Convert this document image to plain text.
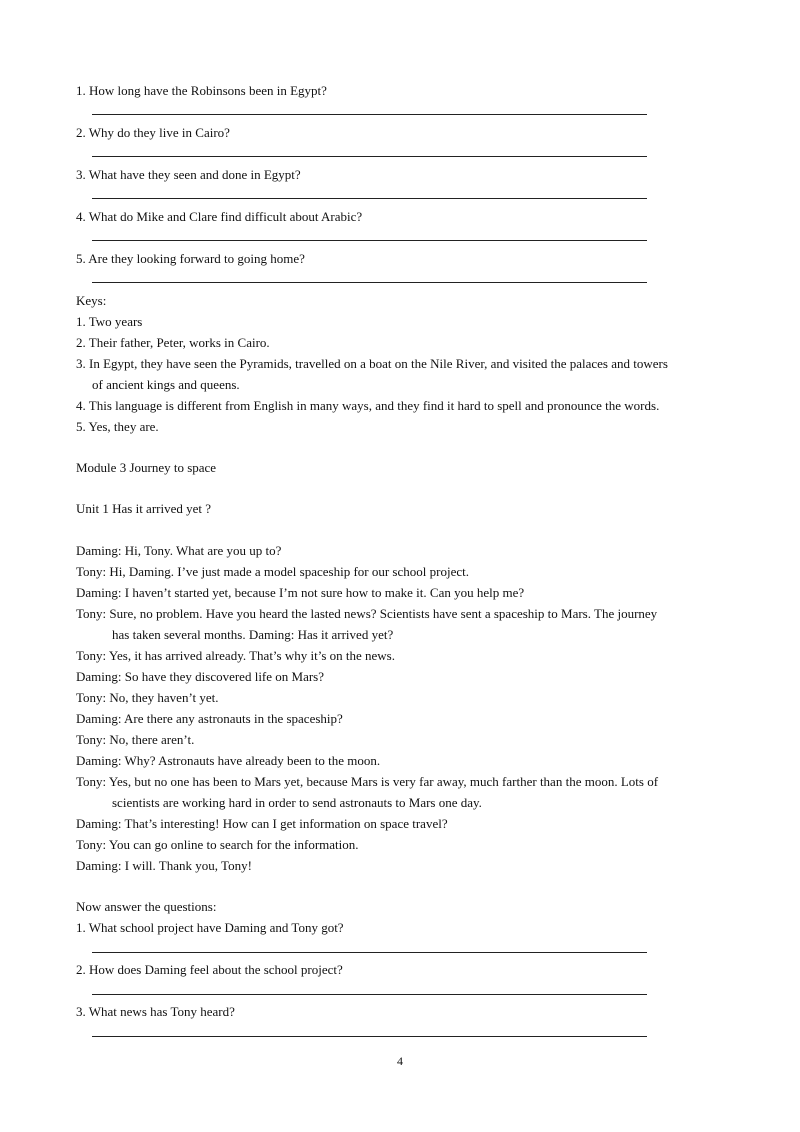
1. How long have the Robinsons been in Egypt?
2. Why do they live in Cairo?
3. What have they seen and done in Egypt?
4. What do Mike and Clare find difficult about Arabic?
5. Are they looking forward to going home?
Keys:
1. Two years
2. Their father, Peter, works in Cairo.
3. In Egypt, they have seen the Pyramids, travelled on a boat on the Nile River, and visited the palaces and towers
of ancient kings and queens.
4. This language is different from English in many ways, and they find it hard to spell and pronounce the words.
5. Yes, they are.
Module 3 Journey to space
Unit 1 Has it arrived yet ?
Daming: Hi, Tony. What are you up to?
Tony: Hi, Daming. I’ve just made a model spaceship for our school project.
Daming: I haven’t started yet, because I’m not sure how to make it. Can you help me?
Tony: Sure, no problem. Have you heard the lasted news? Scientists have sent a spaceship to Mars. The journey
has taken several months. Daming: Has it arrived yet?
Tony: Yes, it has arrived already. That’s why it’s on the news.
Daming: So have they discovered life on Mars?
Tony: No, they haven’t yet.
Daming: Are there any astronauts in the spaceship?
Tony: No, there aren’t.
Daming: Why? Astronauts have already been to the moon.
Tony: Yes, but no one has been to Mars yet, because Mars is very far away, much farther than the moon. Lots of
scientists are working hard in order to send astronauts to Mars one day.
Daming: That’s interesting! How can I get information on space travel?
Tony: You can go online to search for the information.
Daming: I will. Thank you, Tony!
Now answer the questions:
1. What school project have Daming and Tony got?
2. How does Daming feel about the school project?
3. What news has Tony heard?
4
